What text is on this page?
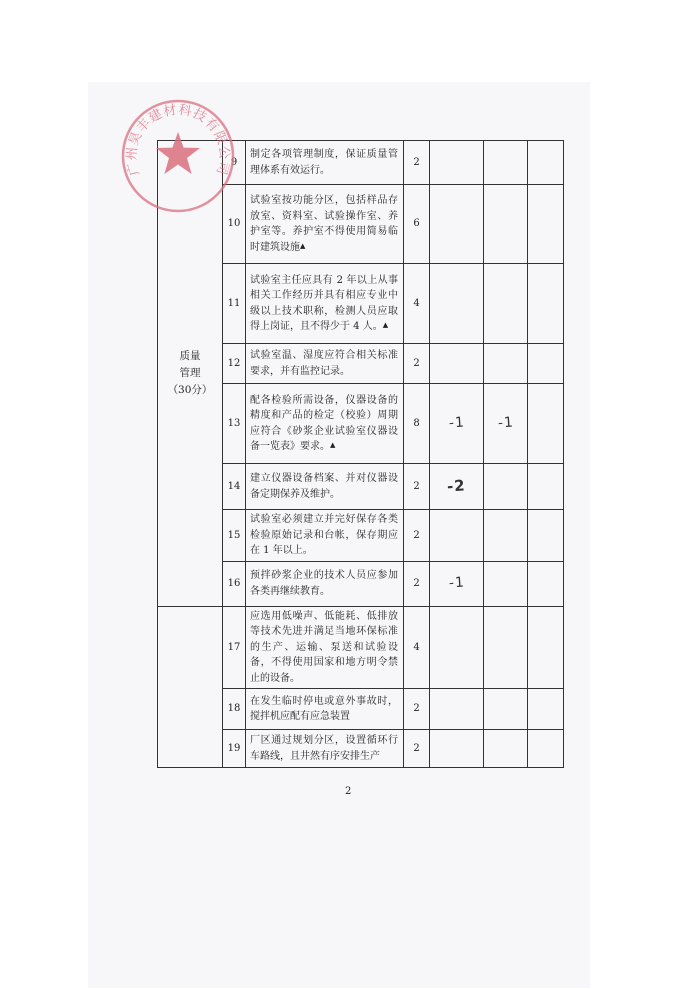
质量
管理
（30分）	9	制定各项管理制度，保证质量管理体系有效运行。	2			
	10	试验室按功能分区，包括样品存放室、资料室、试验操作室、养护室等。养护室不得使用简易临时建筑设施▲	6			
	11	试验室主任应具有 2 年以上从事相关工作经历并具有相应专业中级以上技术职称，检测人员应取得上岗证，且不得少于 4 人。▲	4			
	12	试验室温、湿度应符合相关标准要求，并有监控记录。	2			
	13	配各检验所需设备，仪器设备的精度和产品的检定（校验）周期应符合《砂浆企业试验室仪器设备一览表》要求。▲	8	-1	-1	
	14	建立仪器设备档案、并对仪器设备定期保养及维护。	2	-2		
	15	试验室必须建立并完好保存各类检验原始记录和台帐，保存期应在 1 年以上。	2			
	16	预拌砂浆企业的技术人员应参加各类再继续教育。	2	-1		
	17	应选用低噪声、低能耗、低排放等技术先进并满足当地环保标准的生产、运输、泵送和试验设备，不得使用国家和地方明令禁止的设备。	4			
	18	在发生临时停电或意外事故时，搅拌机应配有应急装置	2			
	19	厂区通过规划分区，设置循环行车路线，且井然有序安排生产	2			
广州昊丰建材科技有限公司
2
